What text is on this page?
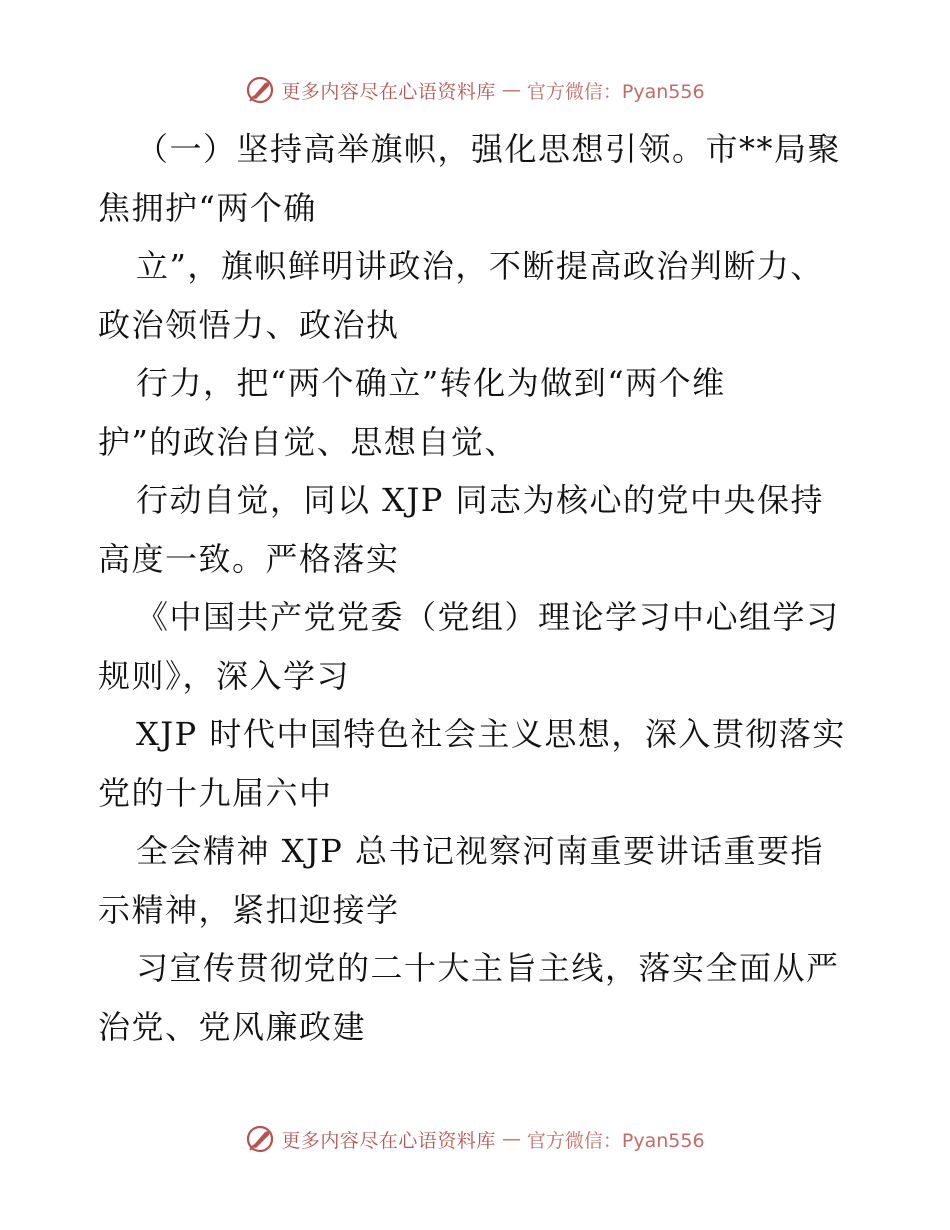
更多内容尽在心语资料库 — 官方微信：Pyan556
（一）坚持高举旗帜，强化思想引领。市**局聚
焦拥护“两个确
立”，旗帜鲜明讲政治，不断提高政治判断力、
政治领悟力、政治执
行力，把“两个确立”转化为做到“两个维
护”的政治自觉、思想自觉、
行动自觉，同以 XJP 同志为核心的党中央保持
高度一致。严格落实
《中国共产党党委（党组）理论学习中心组学习
规则》，深入学习
XJP 时代中国特色社会主义思想，深入贯彻落实
党的十九届六中
全会精神 XJP 总书记视察河南重要讲话重要指
示精神，紧扣迎接学
习宣传贯彻党的二十大主旨主线，落实全面从严
治党、党风廉政建
更多内容尽在心语资料库 — 官方微信：Pyan556
